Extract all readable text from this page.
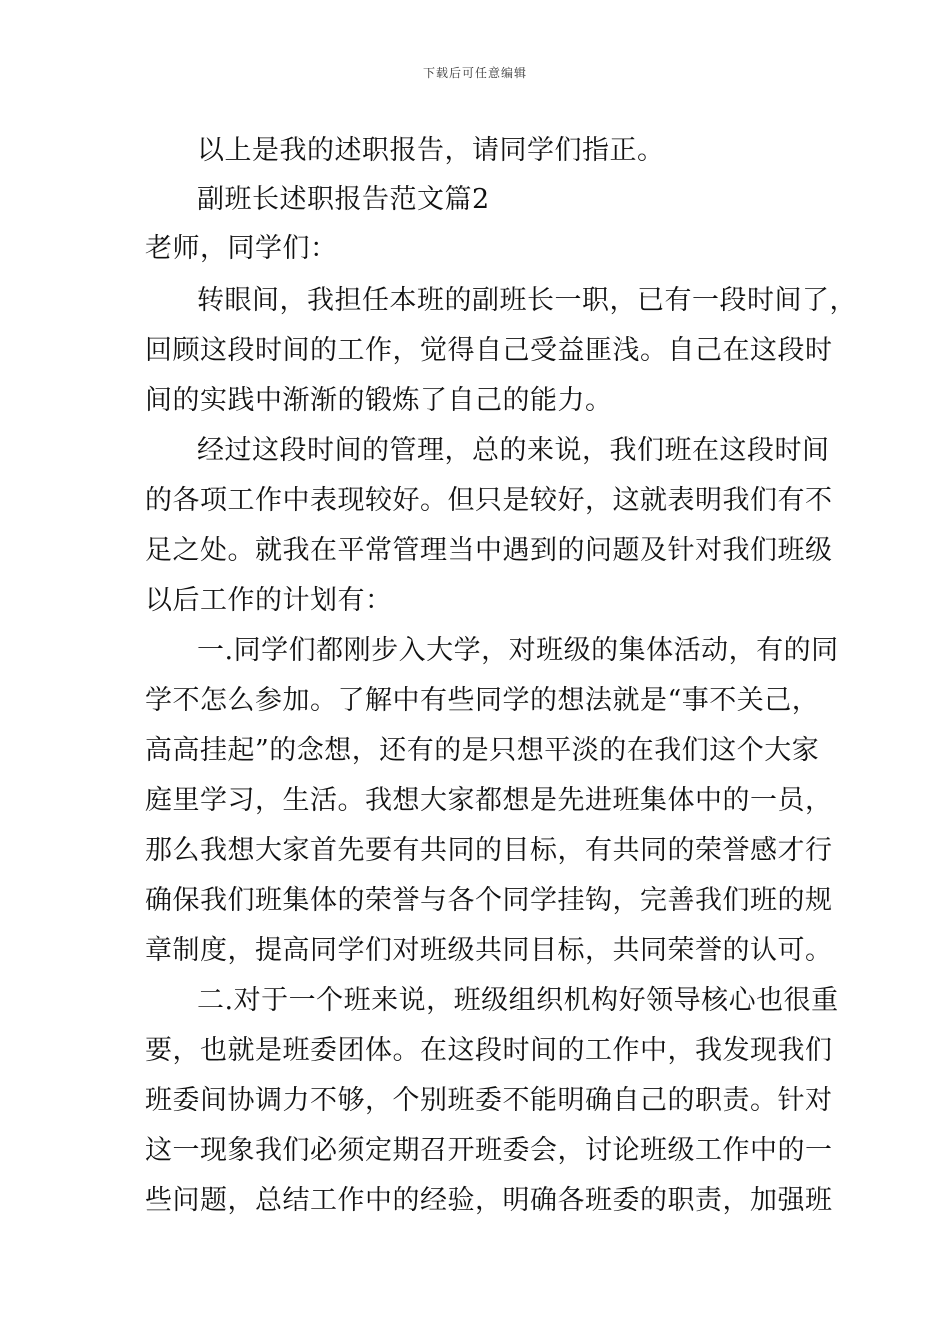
下载后可任意编辑
以上是我的述职报告，请同学们指正。
副班长述职报告范文篇2
老师，同学们：
转眼间，我担任本班的副班长一职，已有一段时间了，
回顾这段时间的工作，觉得自己受益匪浅。自己在这段时
间的实践中渐渐的锻炼了自己的能力。
经过这段时间的管理，总的来说，我们班在这段时间
的各项工作中表现较好。但只是较好，这就表明我们有不
足之处。就我在平常管理当中遇到的问题及针对我们班级
以后工作的计划有：
一.同学们都刚步入大学，对班级的集体活动，有的同
学不怎么参加。了解中有些同学的想法就是“事不关己，
高高挂起”的念想，还有的是只想平淡的在我们这个大家
庭里学习，生活。我想大家都想是先进班集体中的一员，
那么我想大家首先要有共同的目标，有共同的荣誉感才行
确保我们班集体的荣誉与各个同学挂钩，完善我们班的规
章制度，提高同学们对班级共同目标，共同荣誉的认可。
二.对于一个班来说，班级组织机构好领导核心也很重
要，也就是班委团体。在这段时间的工作中，我发现我们
班委间协调力不够，个别班委不能明确自己的职责。针对
这一现象我们必须定期召开班委会，讨论班级工作中的一
些问题，总结工作中的经验，明确各班委的职责，加强班
